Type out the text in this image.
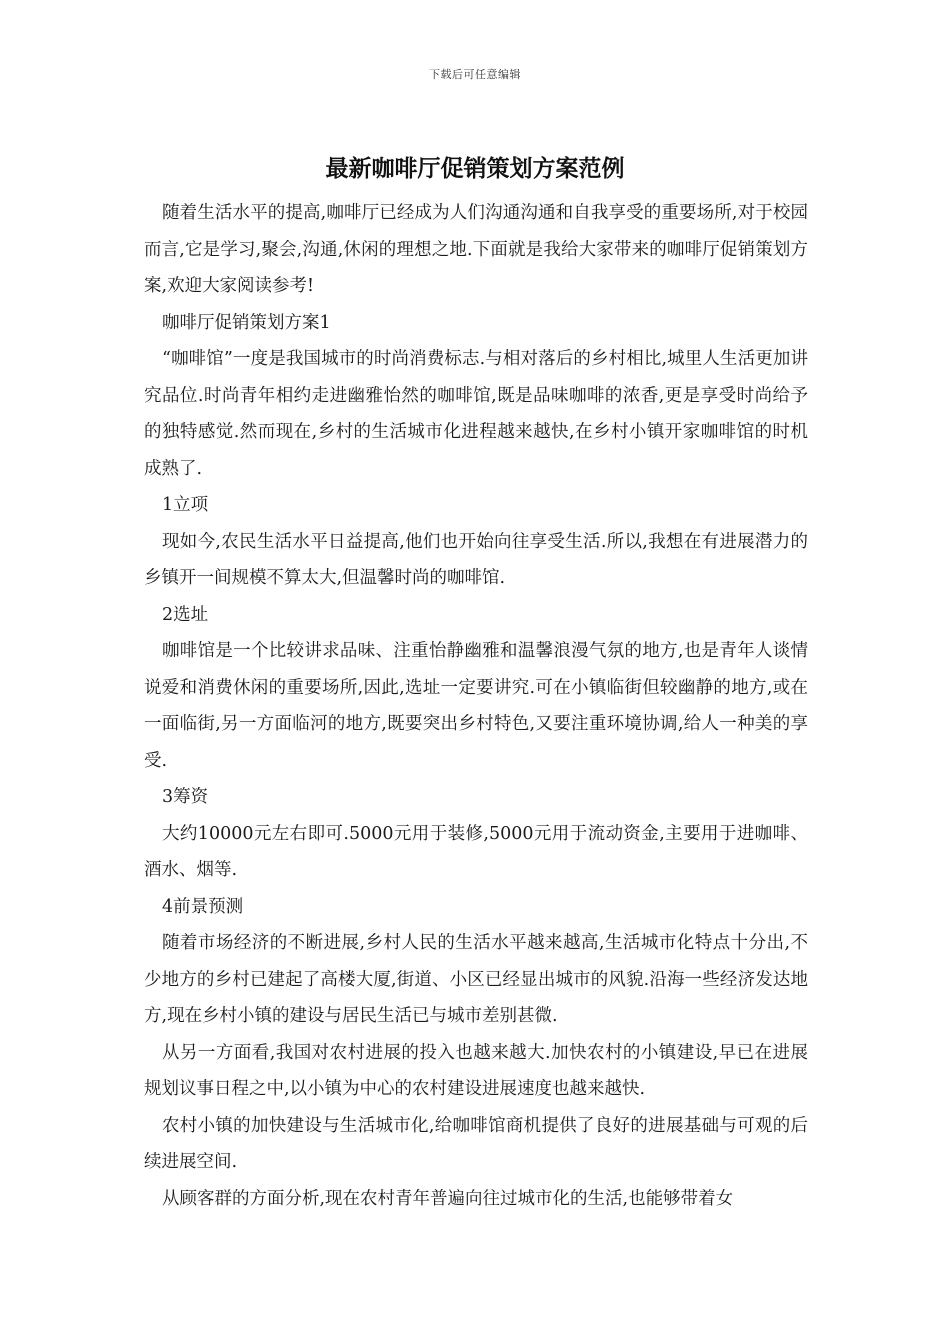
下载后可任意编辑
最新咖啡厅促销策划方案范例

随着生活水平的提高,咖啡厅已经成为人们沟通沟通和自我享受的重要场所,对于校园而言,它是学习,聚会,沟通,休闲的理想之地.下面就是我给大家带来的咖啡厅促销策划方案,欢迎大家阅读参考!

咖啡厅促销策划方案1

“咖啡馆”一度是我国城市的时尚消费标志.与相对落后的乡村相比,城里人生活更加讲究品位.时尚青年相约走进幽雅怡然的咖啡馆,既是品味咖啡的浓香,更是享受时尚给予的独特感觉.然而现在,乡村的生活城市化进程越来越快,在乡村小镇开家咖啡馆的时机成熟了.

1立项

现如今,农民生活水平日益提高,他们也开始向往享受生活.所以,我想在有进展潜力的乡镇开一间规模不算太大,但温馨时尚的咖啡馆.

2选址

咖啡馆是一个比较讲求品味、注重怡静幽雅和温馨浪漫气氛的地方,也是青年人谈情说爱和消费休闲的重要场所,因此,选址一定要讲究.可在小镇临街但较幽静的地方,或在一面临街,另一方面临河的地方,既要突出乡村特色,又要注重环境协调,给人一种美的享受.

3筹资

大约10000元左右即可.5000元用于装修,5000元用于流动资金,主要用于进咖啡、酒水、烟等.

4前景预测

随着市场经济的不断进展,乡村人民的生活水平越来越高,生活城市化特点十分出,不少地方的乡村已建起了高楼大厦,街道、小区已经显出城市的风貌.沿海一些经济发达地方,现在乡村小镇的建设与居民生活已与城市差别甚微.

从另一方面看,我国对农村进展的投入也越来越大.加快农村的小镇建设,早已在进展规划议事日程之中,以小镇为中心的农村建设进展速度也越来越快.

农村小镇的加快建设与生活城市化,给咖啡馆商机提供了良好的进展基础与可观的后续进展空间.

从顾客群的方面分析,现在农村青年普遍向往过城市化的生活,也能够带着女
